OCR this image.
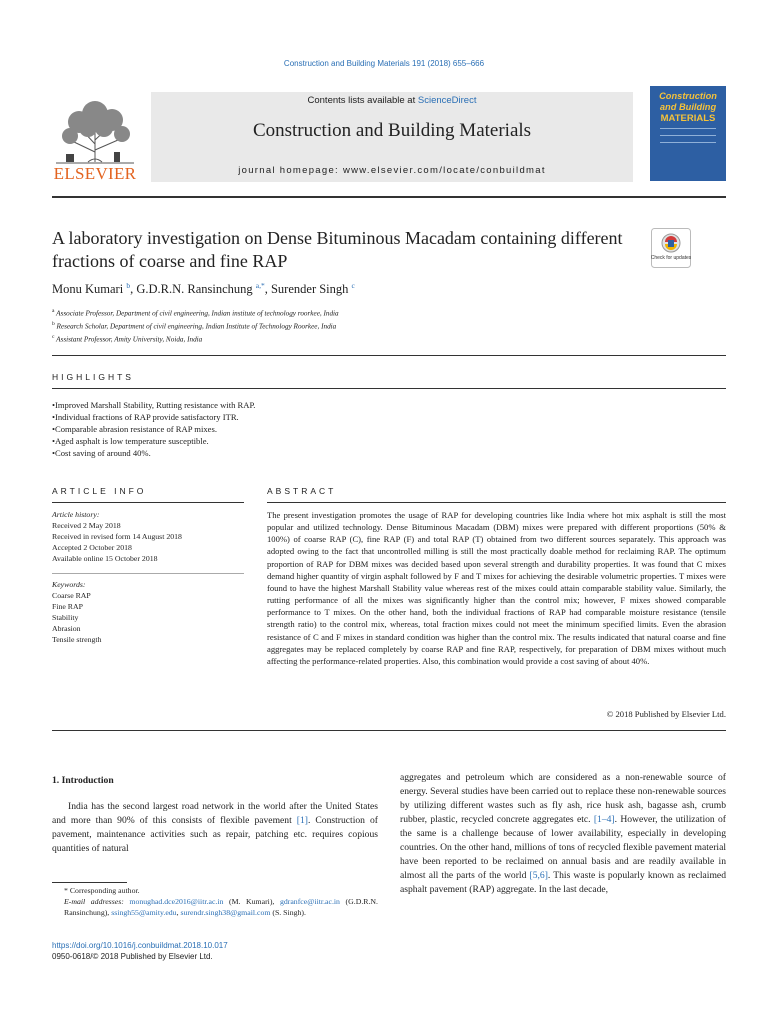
Construction and Building Materials 191 (2018) 655–666
Contents lists available at ScienceDirect
Construction and Building Materials
journal homepage: www.elsevier.com/locate/conbuildmat
ELSEVIER
Construction
and Building
MATERIALS
A laboratory investigation on Dense Bituminous Macadam containing different fractions of coarse and fine RAP	Check for updates
Monu Kumari $^b$, G.D.R.N. Ransinchung $^{a,*}$, Surender Singh $^c$
$^a$ Associate Professor, Department of civil engineering, Indian institute of technology roorkee, India
$^b$ Research Scholar, Department of civil engineering, Indian Institute of Technology Roorkee, India
$^c$ Assistant Professor, Amity University, Noida, India
HIGHLIGHTS
• Improved Marshall Stability, Rutting resistance with RAP.
• Individual fractions of RAP provide satisfactory ITR.
• Comparable abrasion resistance of RAP mixes.
• Aged asphalt is low temperature susceptible.
• Cost saving of around 40%.
ARTICLE INFO
Article history:
Received 2 May 2018
Received in revised form 14 August 2018
Accepted 2 October 2018
Available online 15 October 2018
Keywords:
Coarse RAP
Fine RAP
Stability
Abrasion
Tensile strength
ABSTRACT
The present investigation promotes the usage of RAP for developing countries like India where hot mix asphalt is still the most popular and utilized technology. Dense Bituminous Macadam (DBM) mixes were prepared with different proportions (50% & 100%) of coarse RAP (C), fine RAP (F) and total RAP (T) obtained from two different sources separately. This approach was adopted owing to the fact that uncontrolled milling is still the most practically doable method for reclaiming RAP. The optimum proportion of RAP for DBM mixes was decided based upon several strength and durability properties. It was found that C mixes demand higher quantity of virgin asphalt followed by F and T mixes for achieving the desirable volumetric properties. T mixes were found to have the highest Marshall Stability value whereas rest of the mixes could attain comparable stability value. Similarly, the rutting performance of all the mixes was significantly higher than the control mix; however, F mixes showed comparable performance to T mixes. On the other hand, both the individual fractions of RAP had comparable moisture resistance (tensile strength ratio) to the control mix, whereas, total fraction mixes could not meet the minimum specified limits. Even the abrasion resistance of C and F mixes in standard condition was higher than the control mix. The results indicated that natural coarse and fine aggregates may be replaced completely by coarse RAP and fine RAP, respectively, for preparation of DBM mixes without much affecting the performance-related properties. Also, this combination would provide a cost saving of about 40%.
© 2018 Published by Elsevier Ltd.
1. Introduction
India has the second largest road network in the world after the United States and more than 90% of this consists of flexible pavement [1]. Construction of pavement, maintenance activities such as repair, patching etc. requires copious quantities of natural
aggregates and petroleum which are considered as a non-renewable source of energy. Several studies have been carried out to replace these non-renewable sources by utilizing different wastes such as fly ash, rice husk ash, bagasse ash, crumb rubber, plastic, recycled concrete aggregates etc. [1–4]. However, the utilization of the same is a challenge because of lower availability, especially in developing countries. On the other hand, millions of tons of recycled flexible pavement material have been reported to be reclaimed on annual basis and are readily available in almost all the parts of the world [5,6]. This waste is popularly known as reclaimed asphalt pavement (RAP) aggregate. In the last decade,
* Corresponding author.
E-mail addresses: monughad.dce2016@iitr.ac.in (M. Kumari), gdranfce@iitr.ac.in (G.D.R.N. Ransinchung), ssingh55@amity.edu, surendr.singh38@gmail.com (S. Singh).
https://doi.org/10.1016/j.conbuildmat.2018.10.017
0950-0618/© 2018 Published by Elsevier Ltd.
